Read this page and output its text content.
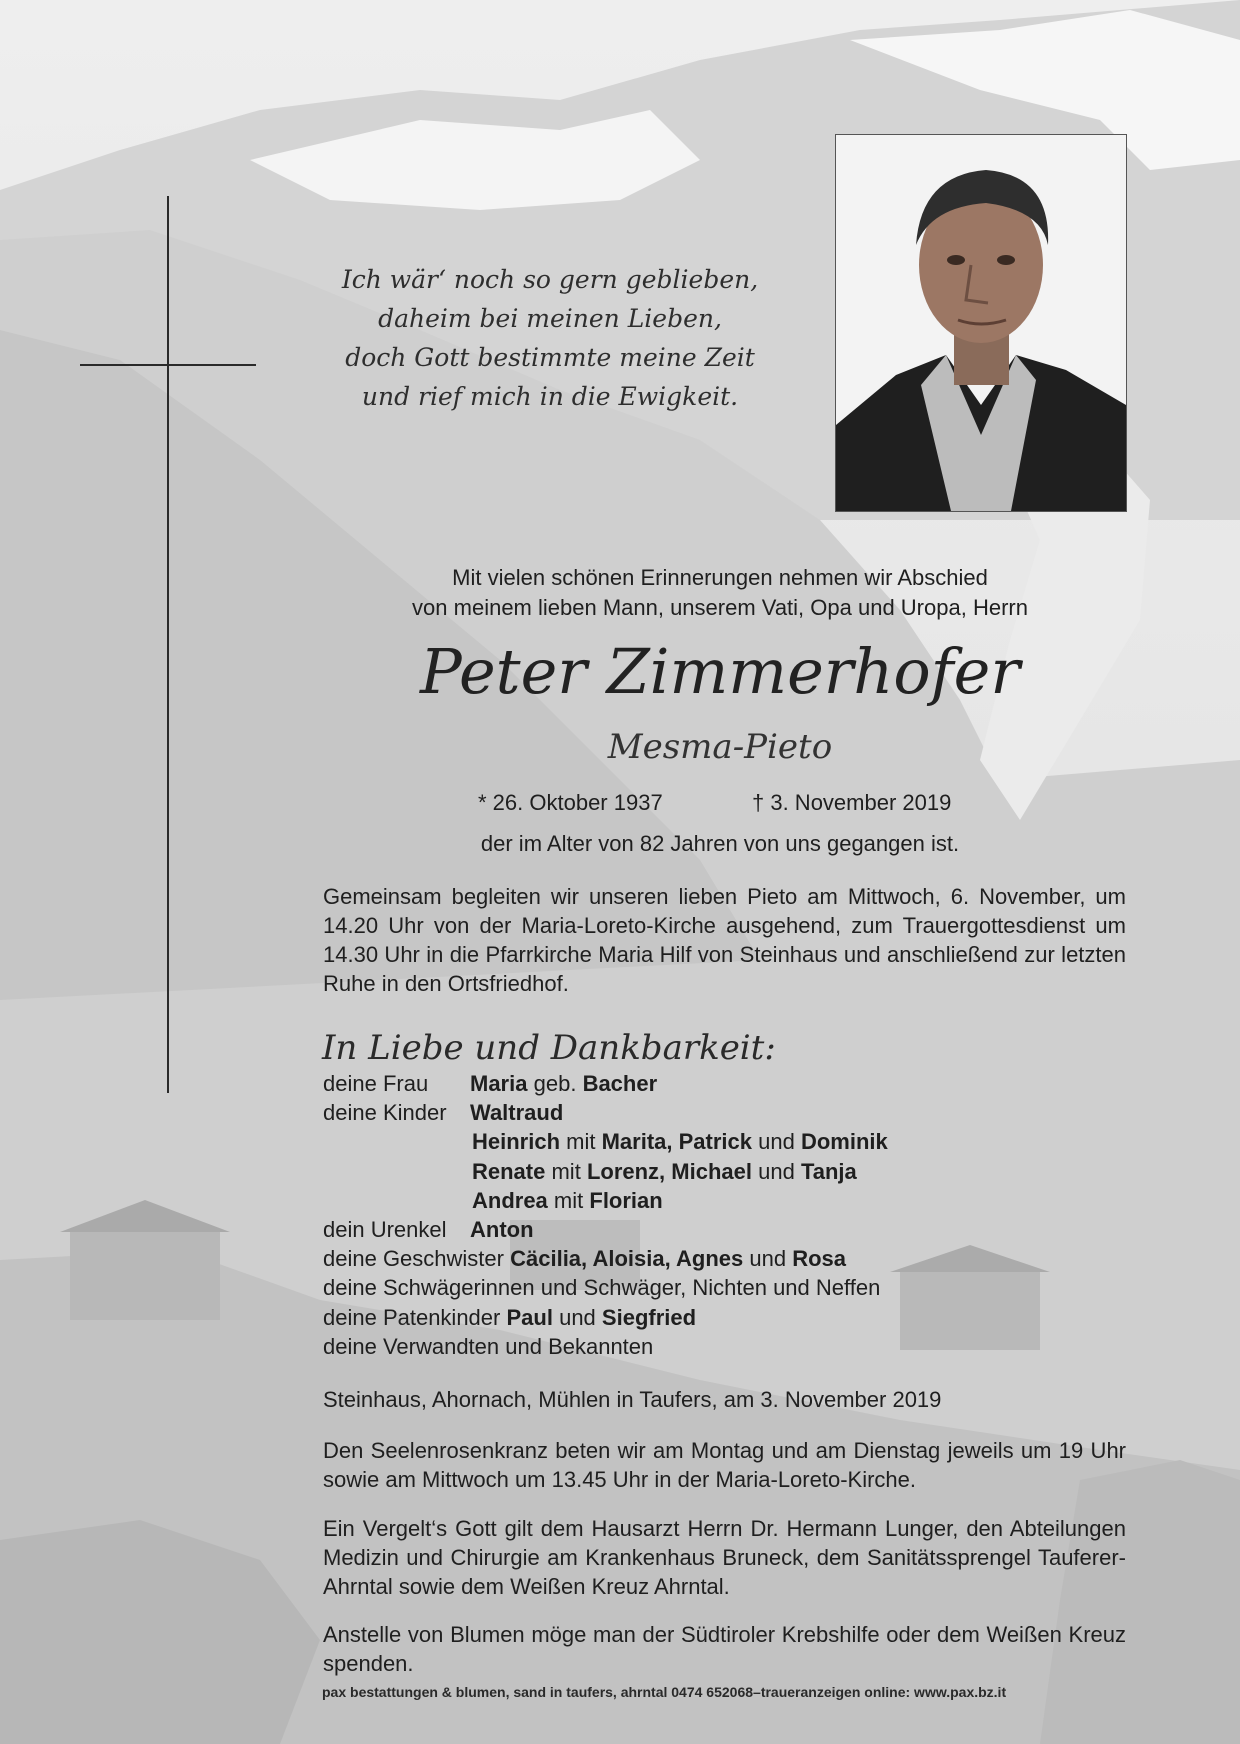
Ich wär‘ noch so gern geblieben,
daheim bei meinen Lieben,
doch Gott bestimmte meine Zeit
und rief mich in die Ewigkeit.
Mit vielen schönen Erinnerungen nehmen wir Abschied
von meinem lieben Mann, unserem Vati, Opa und Uropa, Herrn
Peter Zimmerhofer
Mesma-Pieto
* 26. Oktober 1937	† 3. November 2019
der im Alter von 82 Jahren von uns gegangen ist.
Gemeinsam begleiten wir unseren lieben Pieto am Mittwoch, 6. November, um 14.20 Uhr von der Maria-Loreto-Kirche ausgehend, zum Trauergottesdienst um 14.30 Uhr in die Pfarrkirche Maria Hilf von Steinhaus und anschließend zur letzten Ruhe in den Ortsfriedhof.
In Liebe und Dankbarkeit:
deine Frau Maria geb. Bacher
deine Kinder Waltraud
Heinrich mit Marita, Patrick und Dominik
Renate mit Lorenz, Michael und Tanja
Andrea mit Florian
dein Urenkel Anton
deine Geschwister Cäcilia, Aloisia, Agnes und Rosa
deine Schwägerinnen und Schwäger, Nichten und Neffen
deine Patenkinder Paul und Siegfried
deine Verwandten und Bekannten
Steinhaus, Ahornach, Mühlen in Taufers, am 3. November 2019
Den Seelenrosenkranz beten wir am Montag und am Dienstag jeweils um 19 Uhr sowie am Mittwoch um 13.45 Uhr in der Maria-Loreto-Kirche.
Ein Vergelt‘s Gott gilt dem Hausarzt Herrn Dr. Hermann Lunger, den Abteilungen Medizin und Chirurgie am Krankenhaus Bruneck, dem Sanitätssprengel Tauferer-Ahrntal sowie dem Weißen Kreuz Ahrntal.
Anstelle von Blumen möge man der Südtiroler Krebshilfe oder dem Weißen Kreuz spenden.
pax bestattungen & blumen, sand in taufers, ahrntal 0474 652068–traueranzeigen online: www.pax.bz.it
